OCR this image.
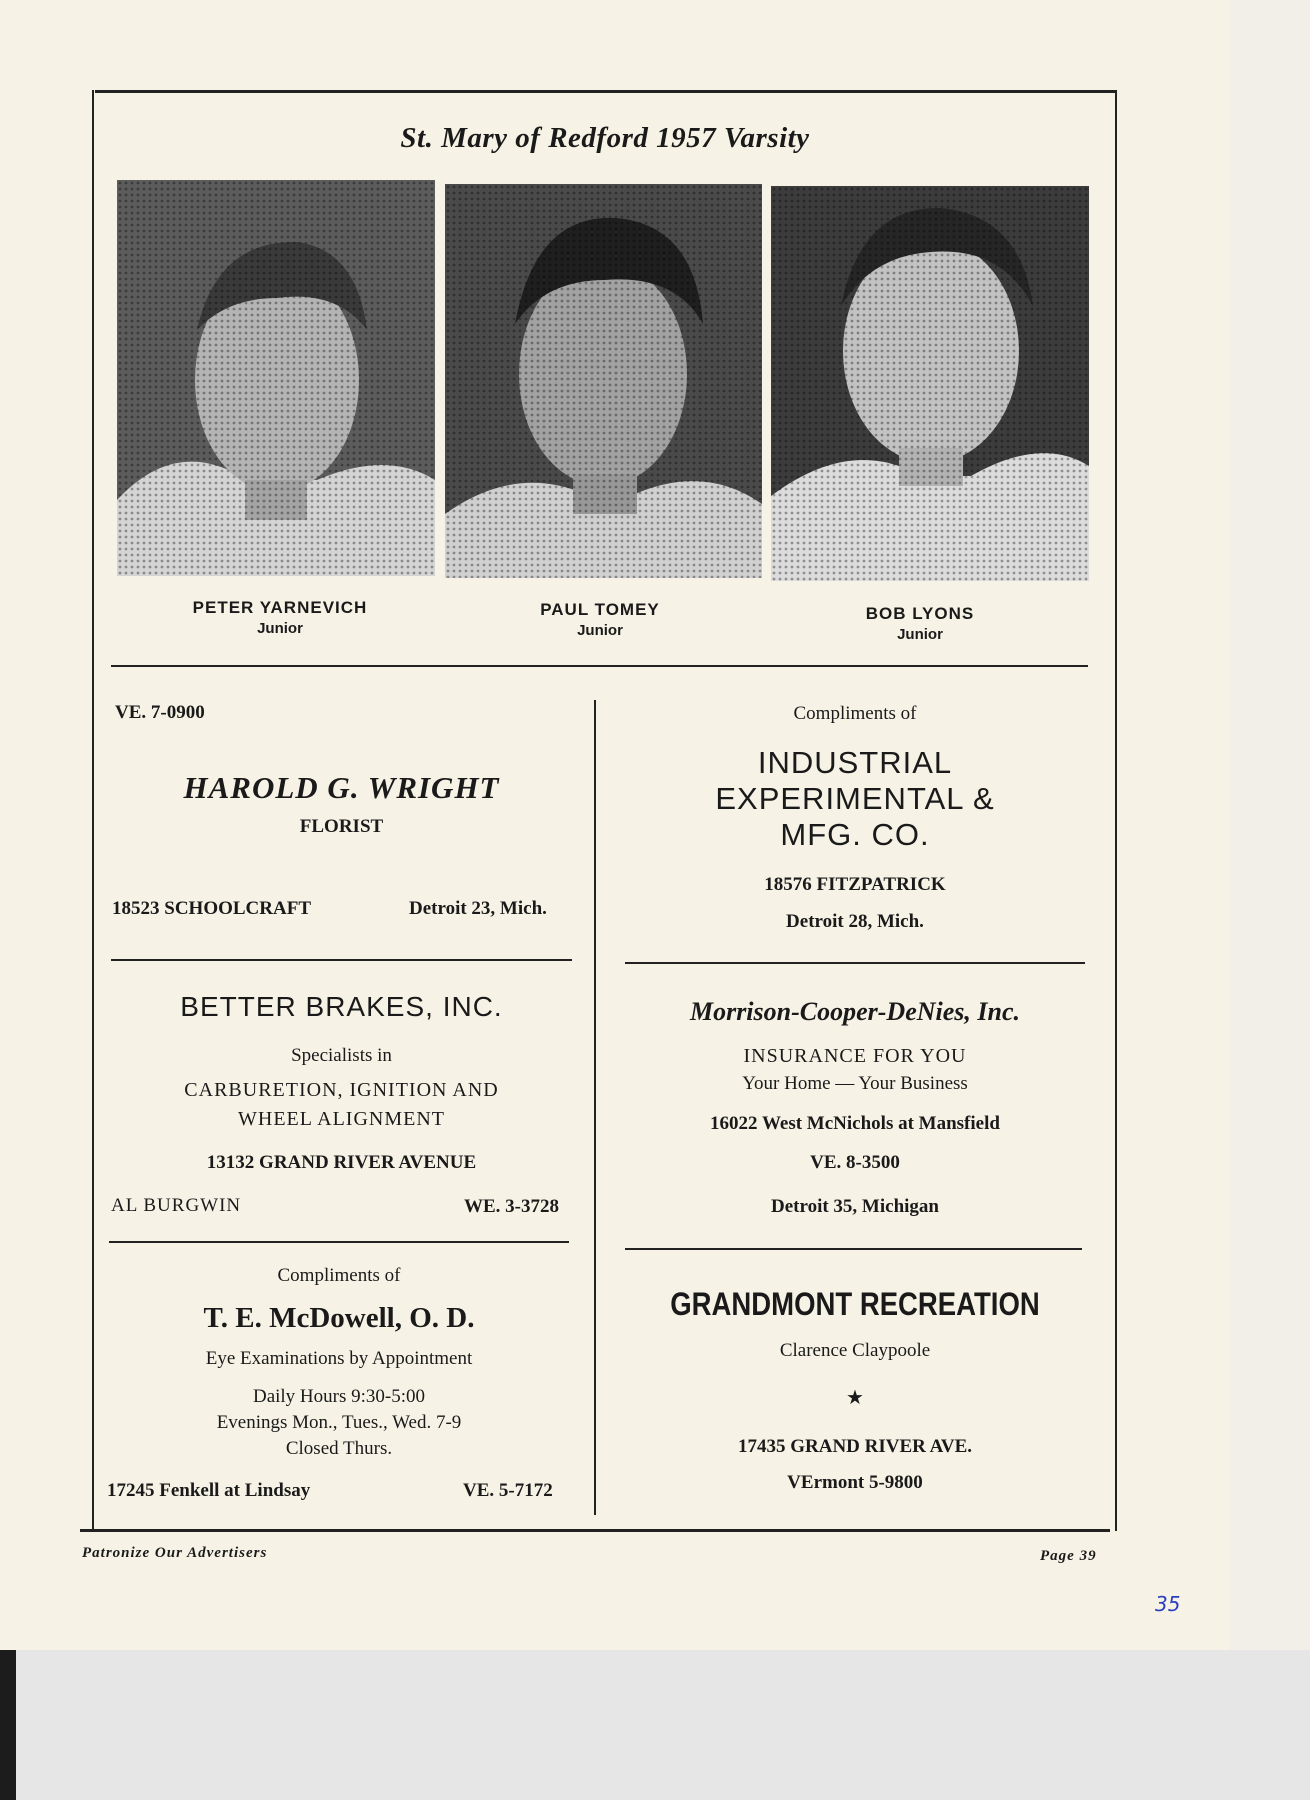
St. Mary of Redford 1957 Varsity
PETER YARNEVICH
Junior
PAUL TOMEY
Junior
BOB LYONS
Junior
VE. 7-0900
HAROLD G. WRIGHT
FLORIST
18523 SCHOOLCRAFT	Detroit 23, Mich.
Compliments of
INDUSTRIAL
EXPERIMENTAL &
MFG. CO.
18576 FITZPATRICK
Detroit 28, Mich.
BETTER BRAKES, INC.
Specialists in
CARBURETION, IGNITION AND
WHEEL ALIGNMENT
13132 GRAND RIVER AVENUE
AL BURGWIN	WE. 3-3728
Morrison-Cooper-DeNies, Inc.
INSURANCE FOR YOU
Your Home — Your Business
16022 West McNichols at Mansfield
VE. 8-3500
Detroit 35, Michigan
Compliments of
T. E. McDowell, O. D.
Eye Examinations by Appointment
Daily Hours 9:30-5:00
Evenings Mon., Tues., Wed. 7-9
Closed Thurs.
17245 Fenkell at Lindsay	VE. 5-7172
GRANDMONT RECREATION
Clarence Claypoole
★
17435 GRAND RIVER AVE.
VErmont 5-9800
Patronize Our Advertisers	Page 39
35
